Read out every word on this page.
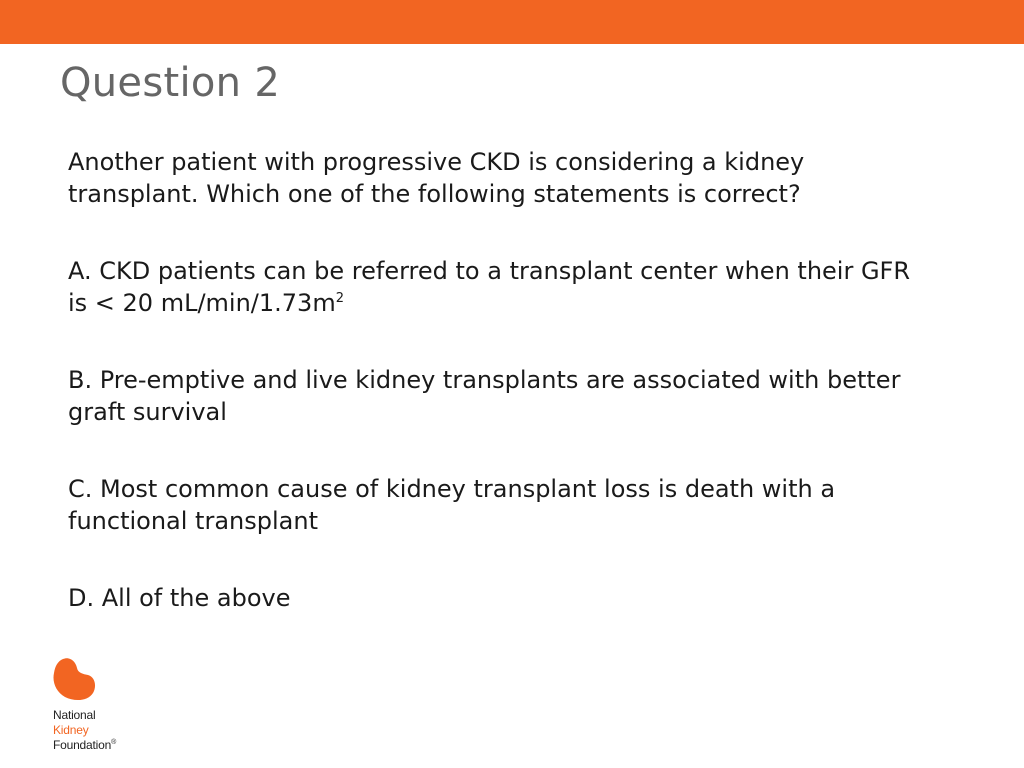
Question 2

Another patient with progressive CKD is considering a kidney transplant. Which one of the following statements is correct?

A. CKD patients can be referred to a transplant center when their GFR is < 20 $mL/\min/1.73m^2$

B. Pre-emptive and live kidney transplants are associated with better graft survival

C. Most common cause of kidney transplant loss is death with a functional transplant

D. All of the above

National
Kidney
Foundation®
